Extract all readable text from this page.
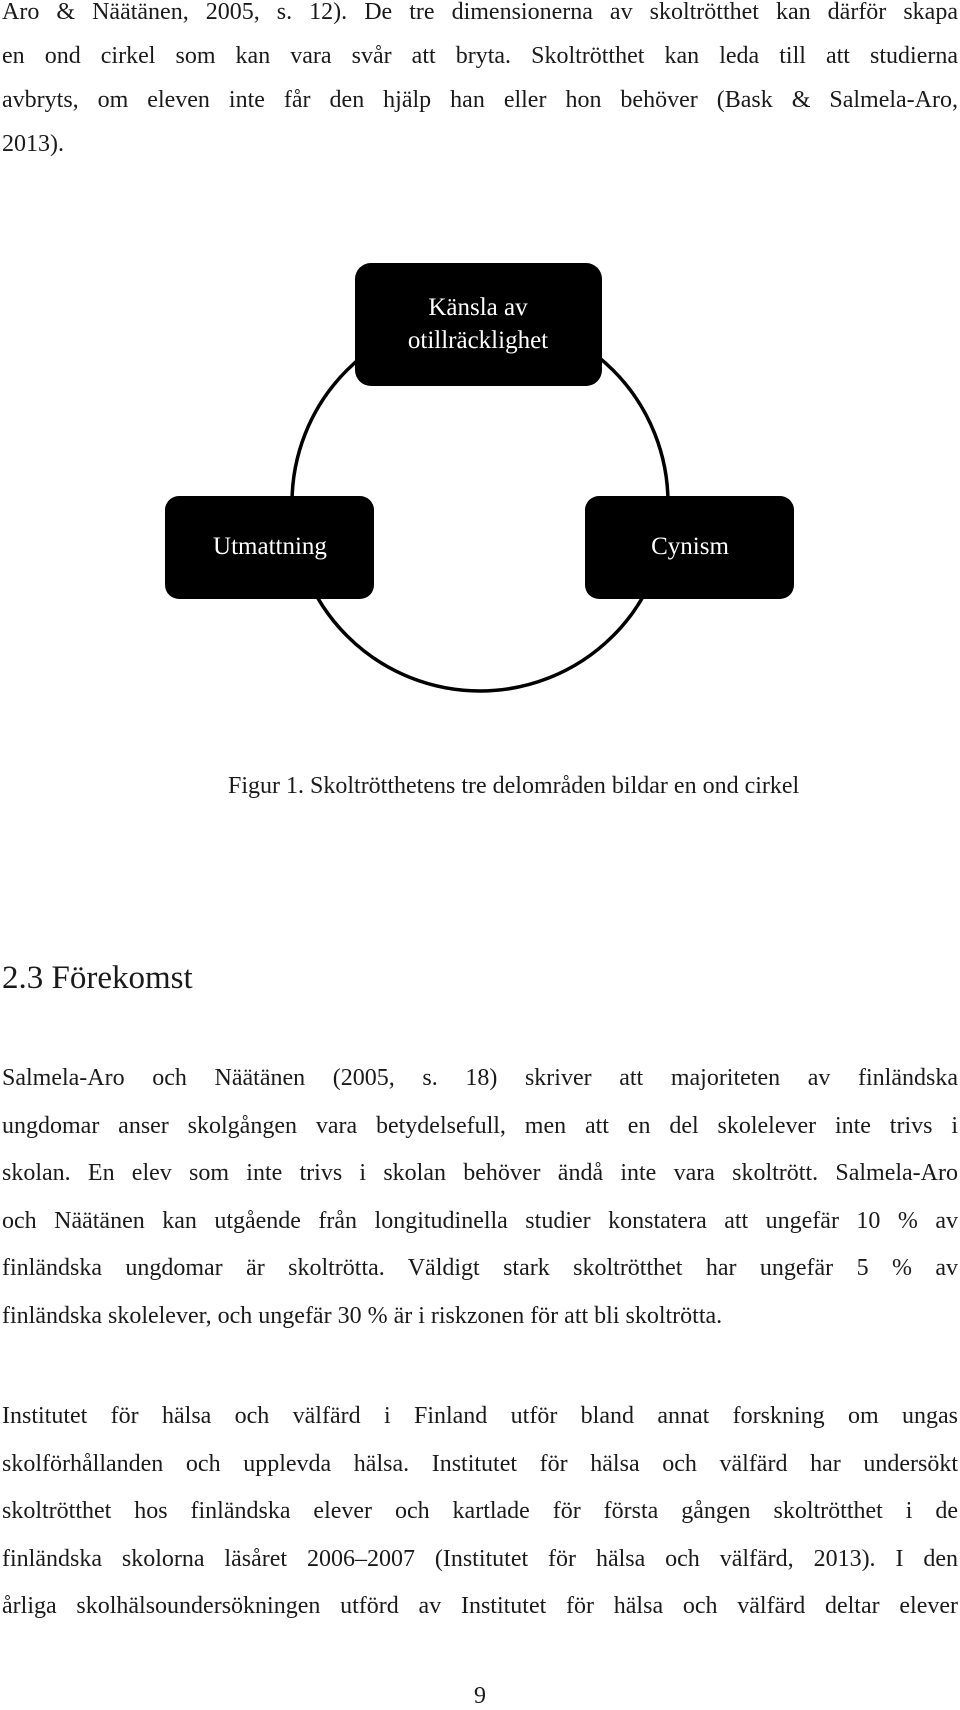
Aro & Näätänen, 2005, s. 12). De tre dimensionerna av skoltrötthet kan därför skapa
en ond cirkel som kan vara svår att bryta. Skoltrötthet kan leda till att studierna
avbryts, om eleven inte får den hjälp han eller hon behöver (Bask & Salmela-Aro,
2013).
Känsla av
otillräcklighet
Utmattning	Cynism

Figur 1. Skoltrötthetens tre delområden bildar en ond cirkel

2.3 Förekomst
Salmela-Aro och Näätänen (2005, s. 18) skriver att majoriteten av finländska
ungdomar anser skolgången vara betydelsefull, men att en del skolelever inte trivs i
skolan. En elev som inte trivs i skolan behöver ändå inte vara skoltrött. Salmela-Aro
och Näätänen kan utgående från longitudinella studier konstatera att ungefär 10 % av
finländska ungdomar är skoltrötta. Väldigt stark skoltrötthet har ungefär 5 % av
finländska skolelever, och ungefär 30 % är i riskzonen för att bli skoltrötta.
Institutet för hälsa och välfärd i Finland utför bland annat forskning om ungas
skolförhållanden och upplevda hälsa. Institutet för hälsa och välfärd har undersökt
skoltrötthet hos finländska elever och kartlade för första gången skoltrötthet i de
finländska skolorna läsåret 2006–2007 (Institutet för hälsa och välfärd, 2013). I den
årliga skolhälsoundersökningen utförd av Institutet för hälsa och välfärd deltar elever

9
